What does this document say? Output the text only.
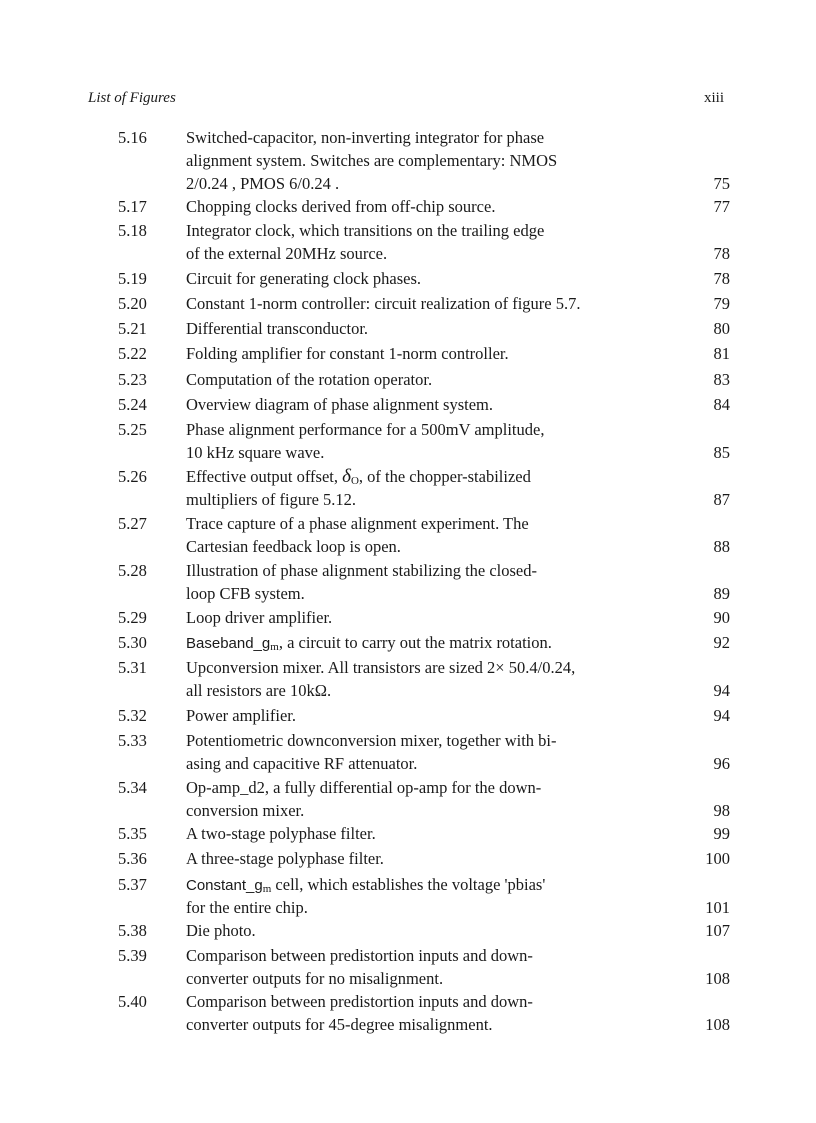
List of Figures	xiii
5.16 Switched-capacitor, non-inverting integrator for phase
alignment system. Switches are complementary: NMOS
2/0.24 , PMOS 6/0.24 .	75
5.17 Chopping clocks derived from off-chip source.	77
5.18 Integrator clock, which transitions on the trailing edge
of the external 20MHz source.	78
5.19 Circuit for generating clock phases.	78
5.20 Constant 1-norm controller: circuit realization of figure 5.7.	79
5.21 Differential transconductor.	80
5.22 Folding amplifier for constant 1-norm controller.	81
5.23 Computation of the rotation operator.	83
5.24 Overview diagram of phase alignment system.	84
5.25 Phase alignment performance for a 500mV amplitude,
10 kHz square wave.	85
5.26 Effective output offset, δO, of the chopper-stabilized
multipliers of figure 5.12.	87
5.27 Trace capture of a phase alignment experiment. The
Cartesian feedback loop is open.	88
5.28 Illustration of phase alignment stabilizing the closed-
loop CFB system.	89
5.29 Loop driver amplifier.	90
5.30	Baseband_gm, a circuit to carry out the matrix rotation.	92
5.31 Upconversion mixer. All transistors are sized 2× 50.4/0.24,
all resistors are 10kΩ.	94
5.32 Power amplifier.	94
5.33 Potentiometric downconversion mixer, together with bi-
asing and capacitive RF attenuator.	96
5.34 Op-amp_d2, a fully differential op-amp for the down-
conversion mixer.	98
5.35 A two-stage polyphase filter.	99
5.36 A three-stage polyphase filter.	100
5.37	Constant_gm cell, which establishes the voltage 'pbias'
for the entire chip.	101
5.38 Die photo.	107
5.39 Comparison between predistortion inputs and down-
converter outputs for no misalignment.	108
5.40 Comparison between predistortion inputs and down-
converter outputs for 45-degree misalignment.	108
